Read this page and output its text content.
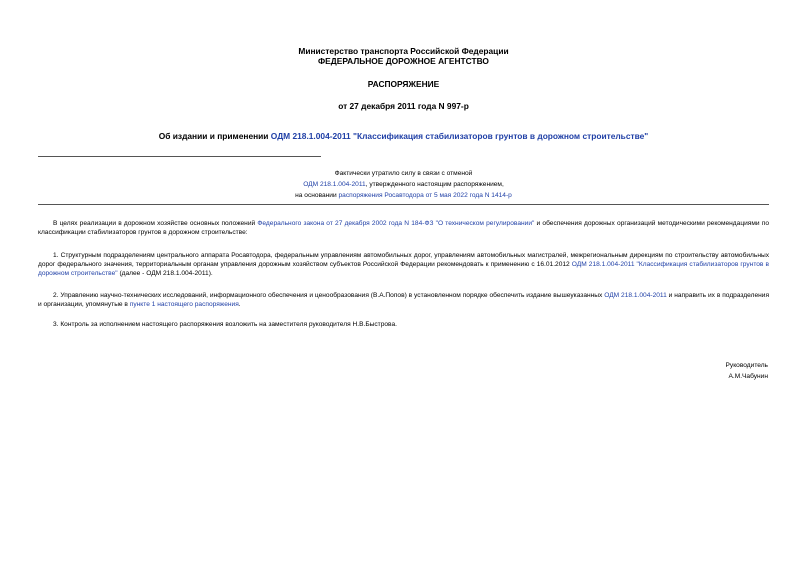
Министерство транспорта Российской Федерации
ФЕДЕРАЛЬНОЕ ДОРОЖНОЕ АГЕНТСТВО
РАСПОРЯЖЕНИЕ
от 27 декабря 2011 года N 997-р
Об издании и применении ОДМ 218.1.004-2011 "Классификация стабилизаторов грунтов в дорожном строительстве"
Фактически утратило силу в связи с отменой
ОДМ 218.1.004-2011, утвержденного настоящим распоряжением,
на основании распоряжения Росавтодора от 5 мая 2022 года N 1414-р
В целях реализации в дорожном хозяйстве основных положений Федерального закона от 27 декабря 2002 года N 184-ФЗ "О техническом регулировании" и обеспечения дорожных организаций методическими рекомендациями по классификации стабилизаторов грунтов в дорожном строительстве:
1. Структурным подразделениям центрального аппарата Росавтодора, федеральным управлениям автомобильных дорог, управлениям автомобильных магистралей, межрегиональным дирекциям по строительству автомобильных дорог федерального значения, территориальным органам управления дорожным хозяйством субъектов Российской Федерации рекомендовать к применению с 16.01.2012 ОДМ 218.1.004-2011 "Классификация стабилизаторов грунтов в дорожном строительстве" (далее - ОДМ 218.1.004-2011).
2. Управлению научно-технических исследований, информационного обеспечения и ценообразования (В.А.Попов) в установленном порядке обеспечить издание вышеуказанных ОДМ 218.1.004-2011 и направить их в подразделения и организации, упомянутые в пункте 1 настоящего распоряжения.
3. Контроль за исполнением настоящего распоряжения возложить на заместителя руководителя Н.В.Быстрова.
Руководитель
А.М.Чабунин
